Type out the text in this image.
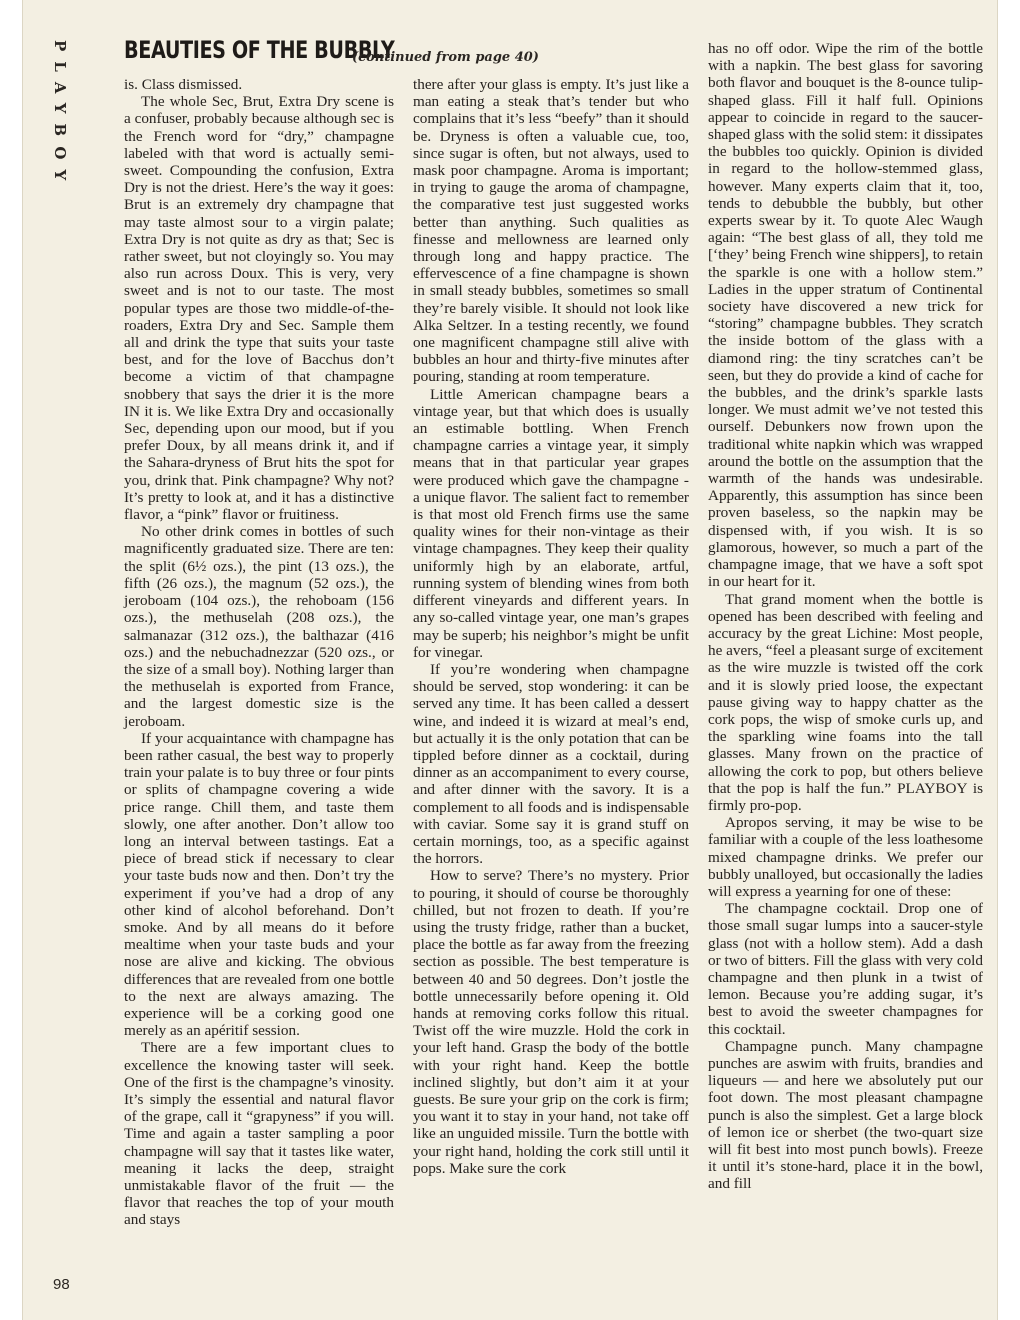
PLAYBOY BEAUTIES OF THE BUBBLY
(continued from page 40)

is. Class dismissed.

The whole Sec, Brut, Extra Dry scene is a confuser, probably because although sec is the French word for “dry,” champagne labeled with that word is actually semi-sweet. Compounding the confusion, Extra Dry is not the driest. Here’s the way it goes: Brut is an extremely dry champagne that may taste almost sour to a virgin palate; Extra Dry is not quite as dry as that; Sec is rather sweet, but not cloyingly so. You may also run across Doux. This is very, very sweet and is not to our taste. The most popular types are those two middle-of-the-roaders, Extra Dry and Sec. Sample them all and drink the type that suits your taste best, and for the love of Bacchus don’t become a victim of that champagne snobbery that says the drier it is the more IN it is. We like Extra Dry and occasionally Sec, depending upon our mood, but if you prefer Doux, by all means drink it, and if the Sahara-dryness of Brut hits the spot for you, drink that. Pink champagne? Why not? It’s pretty to look at, and it has a distinctive flavor, a “pink” flavor or fruitiness.

No other drink comes in bottles of such magnificently graduated size. There are ten: the split (6½ ozs.), the pint (13 ozs.), the fifth (26 ozs.), the magnum (52 ozs.), the jeroboam (104 ozs.), the rehoboam (156 ozs.), the methuselah (208 ozs.), the salmanazar (312 ozs.), the balthazar (416 ozs.) and the nebuchadnezzar (520 ozs., or the size of a small boy). Nothing larger than the methuselah is exported from France, and the largest domestic size is the jeroboam.

If your acquaintance with champagne has been rather casual, the best way to properly train your palate is to buy three or four pints or splits of champagne covering a wide price range. Chill them, and taste them slowly, one after another. Don’t allow too long an interval between tastings. Eat a piece of bread stick if necessary to clear your taste buds now and then. Don’t try the experiment if you’ve had a drop of any other kind of alcohol beforehand. Don’t smoke. And by all means do it before mealtime when your taste buds and your nose are alive and kicking. The obvious differences that are revealed from one bottle to the next are always amazing. The experience will be a corking good one merely as an apéritif session.

There are a few important clues to excellence the knowing taster will seek. One of the first is the champagne’s vinosity. It’s simply the essential and natural flavor of the grape, call it “grapyness” if you will. Time and again a taster sampling a poor champagne will say that it tastes like water, meaning it lacks the deep, straight unmistakable flavor of the fruit — the flavor that reaches the top of your mouth and stays

there after your glass is empty. It’s just like a man eating a steak that’s tender but who complains that it’s less “beefy” than it should be. Dryness is often a valuable cue, too, since sugar is often, but not always, used to mask poor champagne. Aroma is important; in trying to gauge the aroma of champagne, the comparative test just suggested works better than anything. Such qualities as finesse and mellowness are learned only through long and happy practice. The effervescence of a fine champagne is shown in small steady bubbles, sometimes so small they’re barely visible. It should not look like Alka Seltzer. In a testing recently, we found one magnificent champagne still alive with bubbles an hour and thirty-five minutes after pouring, standing at room temperature.

Little American champagne bears a vintage year, but that which does is usually an estimable bottling. When French champagne carries a vintage year, it simply means that in that particular year grapes were produced which gave the champagne - a unique flavor. The salient fact to remember is that most old French firms use the same quality wines for their non-vintage as their vintage champagnes. They keep their quality uniformly high by an elaborate, artful, running system of blending wines from both different vineyards and different years. In any so-called vintage year, one man’s grapes may be superb; his neighbor’s might be unfit for vinegar.

If you’re wondering when champagne should be served, stop wondering: it can be served any time. It has been called a dessert wine, and indeed it is wizard at meal’s end, but actually it is the only potation that can be tippled before dinner as a cocktail, during dinner as an accompaniment to every course, and after dinner with the savory. It is a complement to all foods and is indispensable with caviar. Some say it is grand stuff on certain mornings, too, as a specific against the horrors.

How to serve? There’s no mystery. Prior to pouring, it should of course be thoroughly chilled, but not frozen to death. If you’re using the trusty fridge, rather than a bucket, place the bottle as far away from the freezing section as possible. The best temperature is between 40 and 50 degrees. Don’t jostle the bottle unnecessarily before opening it. Old hands at removing corks follow this ritual. Twist off the wire muzzle. Hold the cork in your left hand. Grasp the body of the bottle with your right hand. Keep the bottle inclined slightly, but don’t aim it at your guests. Be sure your grip on the cork is firm; you want it to stay in your hand, not take off like an unguided missile. Turn the bottle with your right hand, holding the cork still until it pops. Make sure the cork

has no off odor. Wipe the rim of the bottle with a napkin. The best glass for savoring both flavor and bouquet is the 8-ounce tulip-shaped glass. Fill it half full. Opinions appear to coincide in regard to the saucer-shaped glass with the solid stem: it dissipates the bubbles too quickly. Opinion is divided in regard to the hollow-stemmed glass, however. Many experts claim that it, too, tends to debubble the bubbly, but other experts swear by it. To quote Alec Waugh again: “The best glass of all, they told me [‘they’ being French wine shippers], to retain the sparkle is one with a hollow stem.” Ladies in the upper stratum of Continental society have discovered a new trick for “storing” champagne bubbles. They scratch the inside bottom of the glass with a diamond ring: the tiny scratches can’t be seen, but they do provide a kind of cache for the bubbles, and the drink’s sparkle lasts longer. We must admit we’ve not tested this ourself. Debunkers now frown upon the traditional white napkin which was wrapped around the bottle on the assumption that the warmth of the hands was undesirable. Apparently, this assumption has since been proven baseless, so the napkin may be dispensed with, if you wish. It is so glamorous, however, so much a part of the champagne image, that we have a soft spot in our heart for it.

That grand moment when the bottle is opened has been described with feeling and accuracy by the great Lichine: Most people, he avers, “feel a pleasant surge of excitement as the wire muzzle is twisted off the cork and it is slowly pried loose, the expectant pause giving way to happy chatter as the cork pops, the wisp of smoke curls up, and the sparkling wine foams into the tall glasses. Many frown on the practice of allowing the cork to pop, but others believe that the pop is half the fun.” PLAYBOY is firmly pro-pop.

Apropos serving, it may be wise to be familiar with a couple of the less loathesome mixed champagne drinks. We prefer our bubbly unalloyed, but occasionally the ladies will express a yearning for one of these:

The champagne cocktail. Drop one of those small sugar lumps into a saucer-style glass (not with a hollow stem). Add a dash or two of bitters. Fill the glass with very cold champagne and then plunk in a twist of lemon. Because you’re adding sugar, it’s best to avoid the sweeter champagnes for this cocktail.

Champagne punch. Many champagne punches are aswim with fruits, brandies and liqueurs — and here we absolutely put our foot down. The most pleasant champagne punch is also the simplest. Get a large block of lemon ice or sherbet (the two-quart size will fit best into most punch bowls). Freeze it until it’s stone-hard, place it in the bowl, and fill

98
